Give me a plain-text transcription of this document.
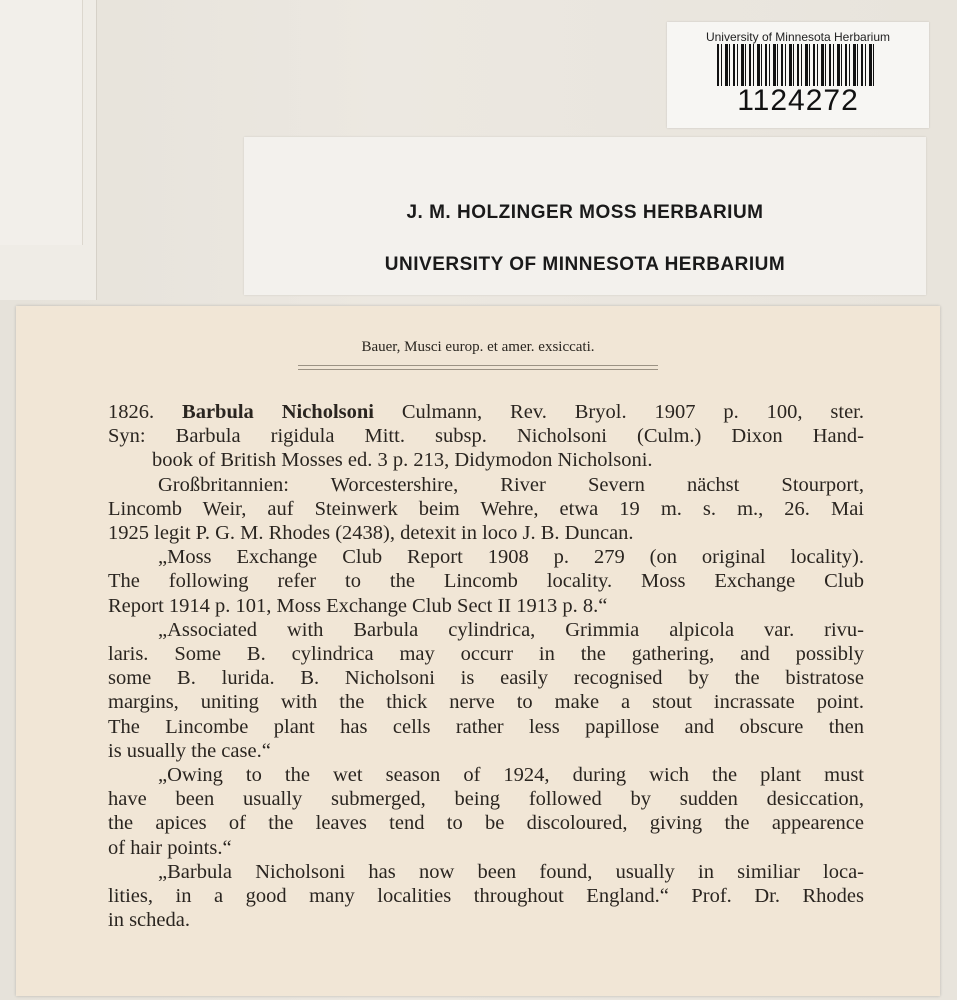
University of Minnesota Herbarium
1124272
J. M. HOLZINGER MOSS HERBARIUM
UNIVERSITY OF MINNESOTA HERBARIUM
Bauer, Musci europ. et amer. exsiccati.

1826. Barbula Nicholsoni Culmann, Rev. Bryol. 1907 p. 100, ster.

Syn: Barbula rigidula Mitt. subsp. Nicholsoni (Culm.) Dixon Hand-

book of British Mosses ed. 3 p. 213, Didymodon Nicholsoni.

Großbritannien: Worcestershire, River Severn nächst Stourport,

Lincomb Weir, auf Steinwerk beim Wehre, etwa 19 m. s. m., 26. Mai

1925 legit P. G. M. Rhodes (2438), detexit in loco J. B. Duncan.

„Moss Exchange Club Report 1908 p. 279 (on original locality).

The following refer to the Lincomb locality. Moss Exchange Club

Report 1914 p. 101, Moss Exchange Club Sect II 1913 p. 8.“

„Associated with Barbula cylindrica, Grimmia alpicola var. rivu-

laris. Some B. cylindrica may occurr in the gathering, and possibly

some B. lurida. B. Nicholsoni is easily recognised by the bistratose

margins, uniting with the thick nerve to make a stout incrassate point.

The Lincombe plant has cells rather less papillose and obscure then

is usually the case.“

„Owing to the wet season of 1924, during wich the plant must

have been usually submerged, being followed by sudden desiccation,

the apices of the leaves tend to be discoloured, giving the appearence

of hair points.“

„Barbula Nicholsoni has now been found, usually in similiar loca-

lities, in a good many localities throughout England.“ Prof. Dr. Rhodes

in scheda.
